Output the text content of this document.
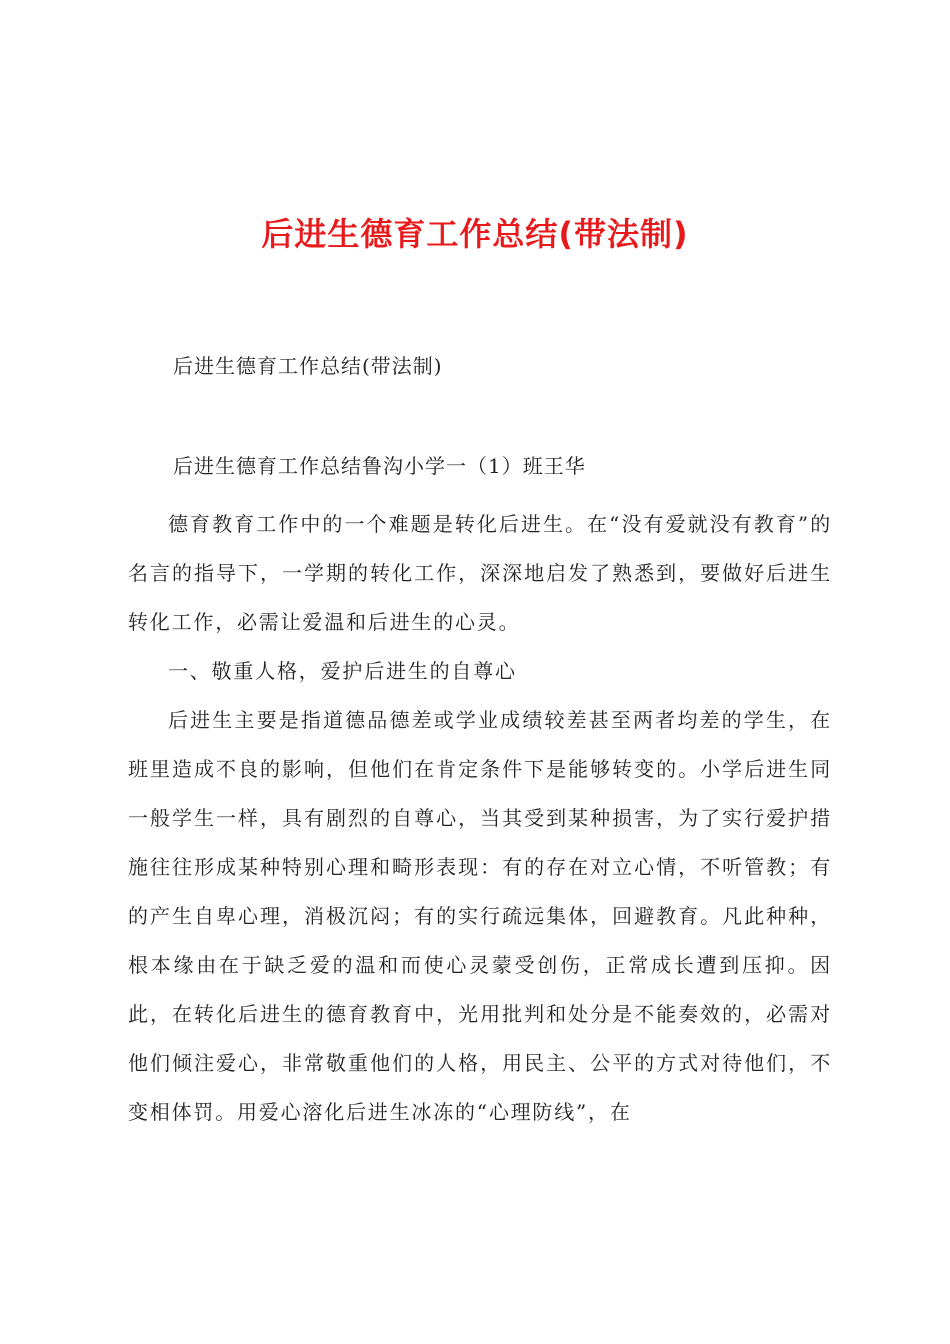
后进生德育工作总结(带法制)

后进生德育工作总结(带法制)

后进生德育工作总结鲁沟小学一（1）班王华

德育教育工作中的一个难题是转化后进生。在“没有爱就没有教育”的名言的指导下，一学期的转化工作，深深地启发了熟悉到，要做好后进生转化工作，必需让爱温和后进生的心灵。

一、敬重人格，爱护后进生的自尊心

后进生主要是指道德品德差或学业成绩较差甚至两者均差的学生，在班里造成不良的影响，但他们在肯定条件下是能够转变的。小学后进生同一般学生一样，具有剧烈的自尊心，当其受到某种损害，为了实行爱护措施往往形成某种特别心理和畸形表现：有的存在对立心情，不听管教；有的产生自卑心理，消极沉闷；有的实行疏远集体，回避教育。凡此种种，根本缘由在于缺乏爱的温和而使心灵蒙受创伤，正常成长遭到压抑。因此，在转化后进生的德育教育中，光用批判和处分是不能奏效的，必需对他们倾注爱心，非常敬重他们的人格，用民主、公平的方式对待他们，不变相体罚。用爱心溶化后进生冰冻的“心理防线”，在
